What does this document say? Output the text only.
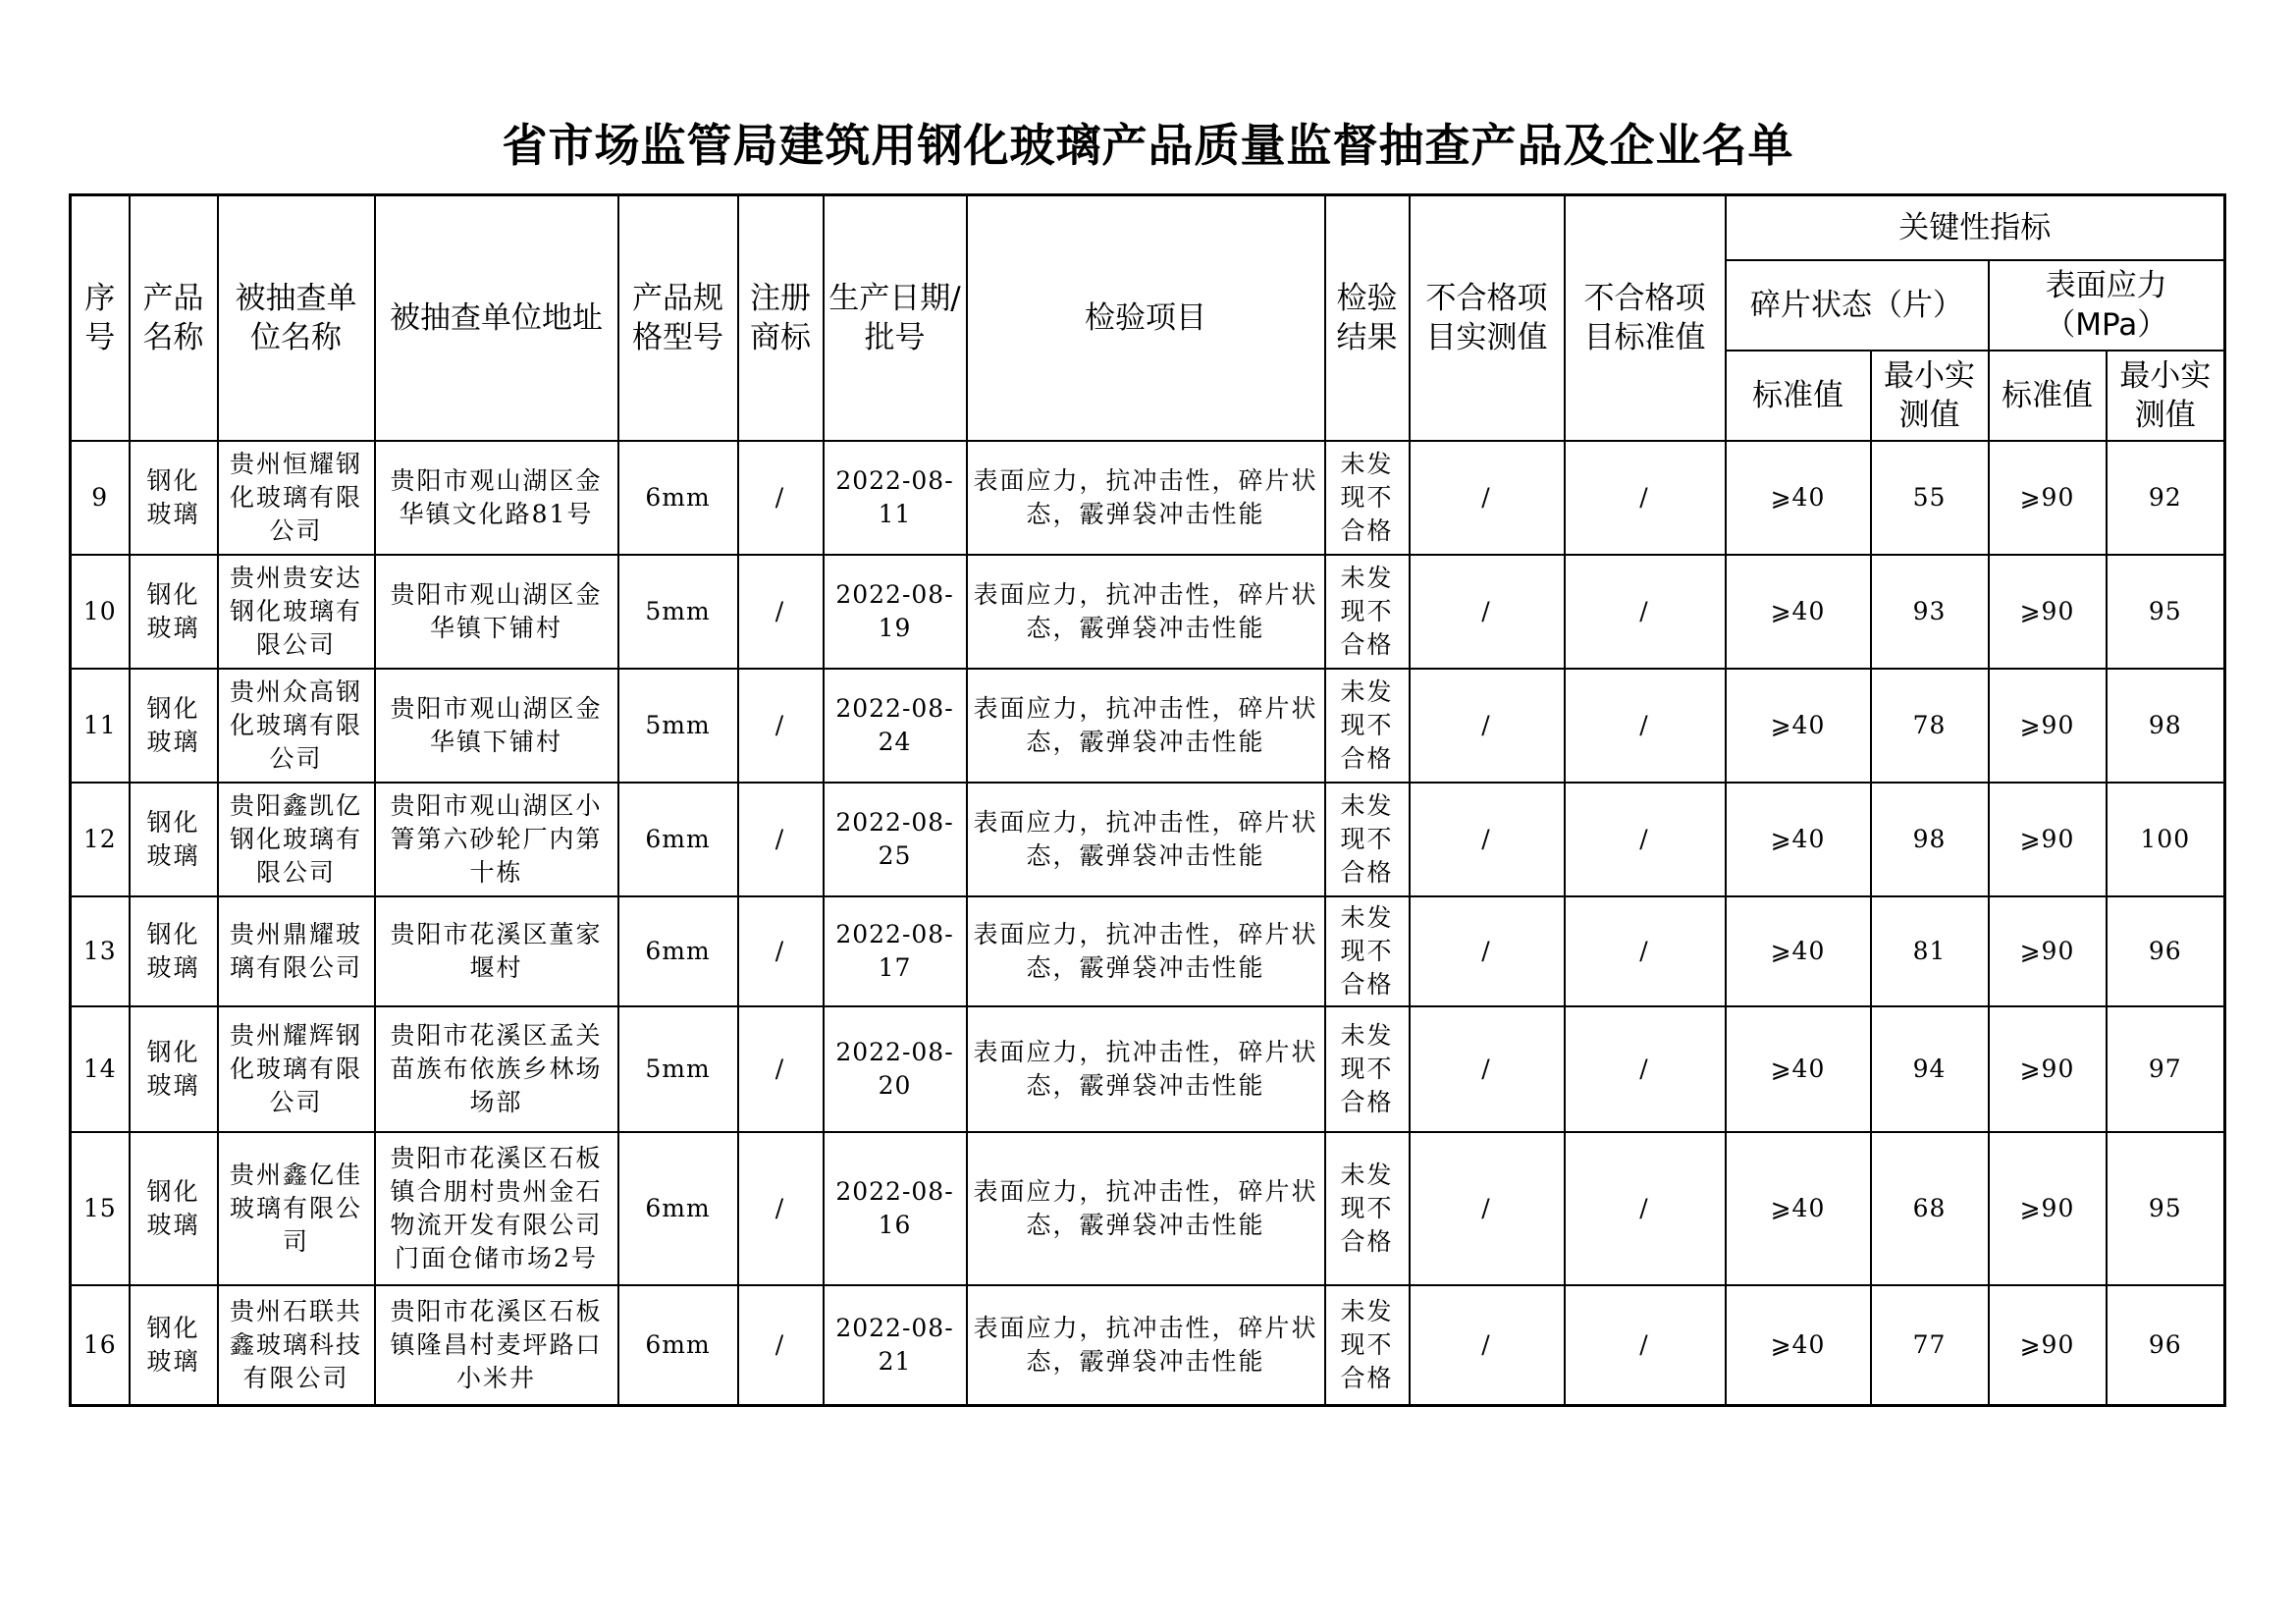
省市场监管局建筑用钢化玻璃产品质量监督抽查产品及企业名单
序号	产品名称	被抽查单位名称	被抽查单位地址	产品规格型号	注册商标	生产日期/批号	检验项目	检验结果	不合格项目实测值	不合格项目标准值	关键性指标			
											碎片状态（片）		表面应力（MPa）	
											标准值	最小实测值	标准值	最小实测值
9	钢化玻璃	贵州恒耀钢化玻璃有限公司	贵阳市观山湖区金华镇文化路81号	6mm	/	2022-08-11	表面应力，抗冲击性，碎片状态，霰弹袋冲击性能	未发现不合格	/	/	⩾40	55	⩾90	92
10	钢化玻璃	贵州贵安达钢化玻璃有限公司	贵阳市观山湖区金华镇下铺村	5mm	/	2022-08-19	表面应力，抗冲击性，碎片状态，霰弹袋冲击性能	未发现不合格	/	/	⩾40	93	⩾90	95
11	钢化玻璃	贵州众高钢化玻璃有限公司	贵阳市观山湖区金华镇下铺村	5mm	/	2022-08-24	表面应力，抗冲击性，碎片状态，霰弹袋冲击性能	未发现不合格	/	/	⩾40	78	⩾90	98
12	钢化玻璃	贵阳鑫凯亿钢化玻璃有限公司	贵阳市观山湖区小箐第六砂轮厂内第十栋	6mm	/	2022-08-25	表面应力，抗冲击性，碎片状态，霰弹袋冲击性能	未发现不合格	/	/	⩾40	98	⩾90	100
13	钢化玻璃	贵州鼎耀玻璃有限公司	贵阳市花溪区董家堰村	6mm	/	2022-08-17	表面应力，抗冲击性，碎片状态，霰弹袋冲击性能	未发现不合格	/	/	⩾40	81	⩾90	96
14	钢化玻璃	贵州耀辉钢化玻璃有限公司	贵阳市花溪区孟关苗族布依族乡林场场部	5mm	/	2022-08-20	表面应力，抗冲击性，碎片状态，霰弹袋冲击性能	未发现不合格	/	/	⩾40	94	⩾90	97
15	钢化玻璃	贵州鑫亿佳玻璃有限公司	贵阳市花溪区石板镇合朋村贵州金石物流开发有限公司门面仓储市场2号	6mm	/	2022-08-16	表面应力，抗冲击性，碎片状态，霰弹袋冲击性能	未发现不合格	/	/	⩾40	68	⩾90	95
16	钢化玻璃	贵州石联共鑫玻璃科技有限公司	贵阳市花溪区石板镇隆昌村麦坪路口小米井	6mm	/	2022-08-21	表面应力，抗冲击性，碎片状态，霰弹袋冲击性能	未发现不合格	/	/	⩾40	77	⩾90	96
